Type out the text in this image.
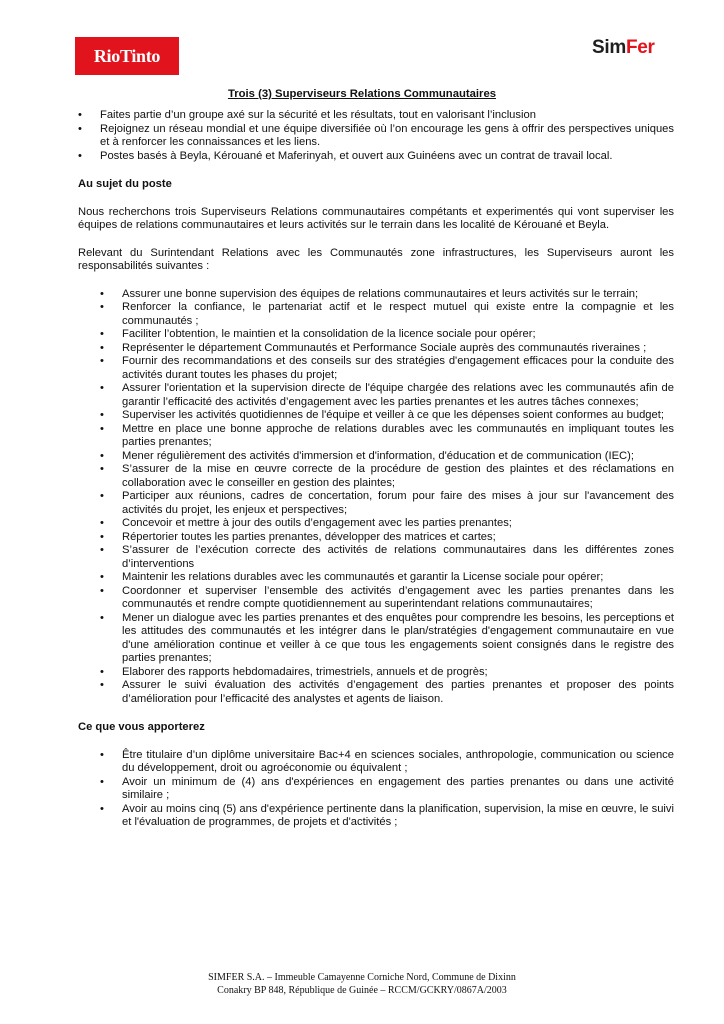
RioTinto	SimFer
Trois (3) Superviseurs Relations Communautaires
• Faites partie d’un groupe axé sur la sécurité et les résultats, tout en valorisant l’inclusion
• Rejoignez un réseau mondial et une équipe diversifiée où l’on encourage les gens à offrir des perspectives uniques et à renforcer les connaissances et les liens.
• Postes basés à Beyla, Kérouané et Maferinyah, et ouvert aux Guinéens avec un contrat de travail local.
Au sujet du poste

Nous recherchons trois Superviseurs Relations communautaires compétants et experimentés qui vont superviser les équipes de relations communautaires et leurs activités sur le terrain dans les localité de Kérouané et Beyla.

Relevant du Surintendant Relations avec les Communautés zone infrastructures, les Superviseurs auront les responsabilités suivantes :

• Assurer une bonne supervision des équipes de relations communautaires et leurs activités sur le terrain;
• Renforcer la confiance, le partenariat actif et le respect mutuel qui existe entre la compagnie et les communautés ;
• Faciliter l’obtention, le maintien et la consolidation de la licence sociale pour opérer;
• Représenter le département Communautés et Performance Sociale auprès des communautés riveraines ;
• Fournir des recommandations et des conseils sur des stratégies d'engagement efficaces pour la conduite des activités durant toutes les phases du projet;
• Assurer l'orientation et la supervision directe de l'équipe chargée des relations avec les communautés afin de garantir l’efficacité des activités d’engagement avec les parties prenantes et les autres tâches connexes;
• Superviser les activités quotidiennes de l'équipe et veiller à ce que les dépenses soient conformes au budget;
• Mettre en place une bonne approche de relations durables avec les communautés en impliquant toutes les parties prenantes;
• Mener régulièrement des activités d'immersion et d'information, d'éducation et de communication (IEC);
• S’assurer de la mise en œuvre correcte de la procédure de gestion des plaintes et des réclamations en collaboration avec le conseiller en gestion des plaintes;
• Participer aux réunions, cadres de concertation, forum pour faire des mises à jour sur l'avancement des activités du projet, les enjeux et perspectives;
• Concevoir et mettre à jour des outils d’engagement avec les parties prenantes;
• Répertorier toutes les parties prenantes, développer des matrices et cartes;
• S’assurer de l’exécution correcte des activités de relations communautaires dans les différentes zones d’interventions
• Maintenir les relations durables avec les communautés et garantir la License sociale pour opérer;
• Coordonner et superviser l’ensemble des activités d’engagement avec les parties prenantes dans les communautés et rendre compte quotidiennement au superintendant relations communautaires;
• Mener un dialogue avec les parties prenantes et des enquêtes pour comprendre les besoins, les perceptions et les attitudes des communautés et les intégrer dans le plan/stratégies d'engagement communautaire en vue d'une amélioration continue et veiller à ce que tous les engagements soient consignés dans le registre des parties prenantes;
• Elaborer des rapports hebdomadaires, trimestriels, annuels et de progrès;
• Assurer le suivi évaluation des activités d’engagement des parties prenantes et proposer des points d’amélioration pour l’efficacité des analystes et agents de liaison.
Ce que vous apporterez
• Être titulaire d’un diplôme universitaire Bac+4 en sciences sociales, anthropologie, communication ou science du développement, droit ou agroéconomie ou équivalent ;
• Avoir un minimum de (4) ans d'expériences en engagement des parties prenantes ou dans une activité similaire ;
• Avoir au moins cinq (5) ans d'expérience pertinente dans la planification, supervision, la mise en œuvre, le suivi et l'évaluation de programmes, de projets et d'activités ;
SIMFER S.A. – Immeuble Camayenne Corniche Nord, Commune de Dixinn
Conakry BP 848, République de Guinée – RCCM/GCKRY/0867A/2003
